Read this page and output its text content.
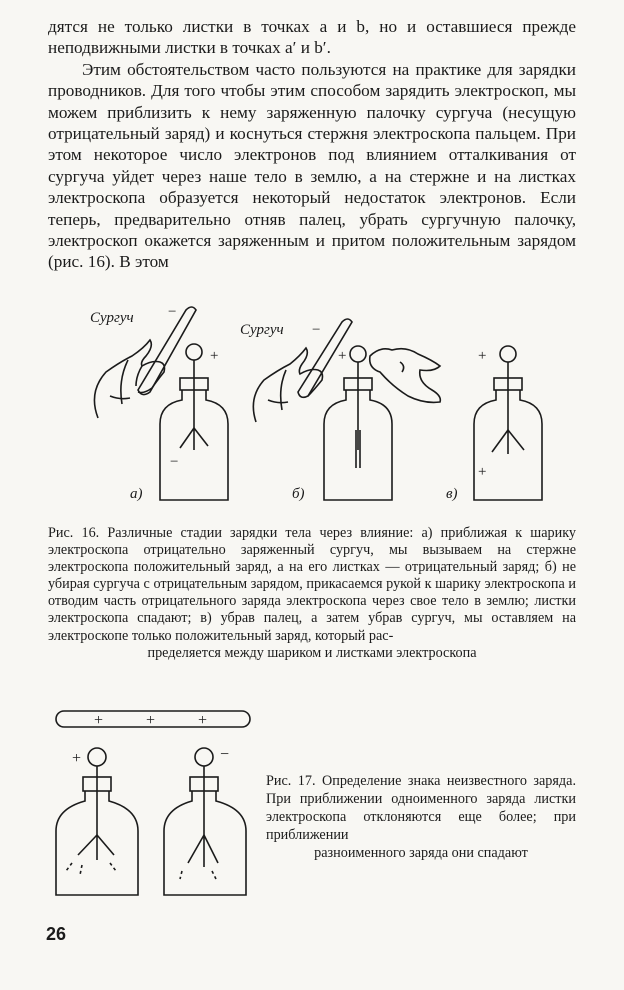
дятся не только листки в точках a и b, но и оставшиеся прежде неподвижными листки в точках a′ и b′.

Этим обстоятельством часто пользуются на практике для зарядки проводников. Для того чтобы этим способом зарядить электроскоп, мы можем приблизить к нему заряженную палочку сургуча (несущую отрицательный заряд) и коснуться стержня электроскопа пальцем. При этом некоторое число электронов под влиянием отталкивания от сургуча уйдет через наше тело в землю, а на стержне и на листках электроскопа образуется некоторый недостаток электронов. Если теперь, предварительно отняв палец, убрать сургучную палочку, электроскоп окажется заряженным и притом положительным зарядом (рис. 16). В этом

Сургуч −
+
−
а)
Сургуч −
+
б)
+
+
в)
Рис. 16. Различные стадии зарядки тела через влияние: а) приближая к шарику электроскопа отрицательно заряженный сургуч, мы вызываем на стержне электроскопа положительный заряд, а на его листках — отрицательный заряд; б) не убирая сургуча с отрицательным зарядом, прикасаемся рукой к шарику электроскопа и отводим часть отрицательного заряда электроскопа через свое тело в землю; листки электроскопа спадают; в) убрав палец, а затем убрав сургуч, мы оставляем на электроскопе только положительный заряд, который рас-
пределяется между шариком и листками электроскопа
+	+	+
+	−
Рис. 17. Определение знака неизвестного заряда. При приближении одноименного заряда листки электроскопа отклоняются еще более; при приближении
разноименного заряда они спадают
26
